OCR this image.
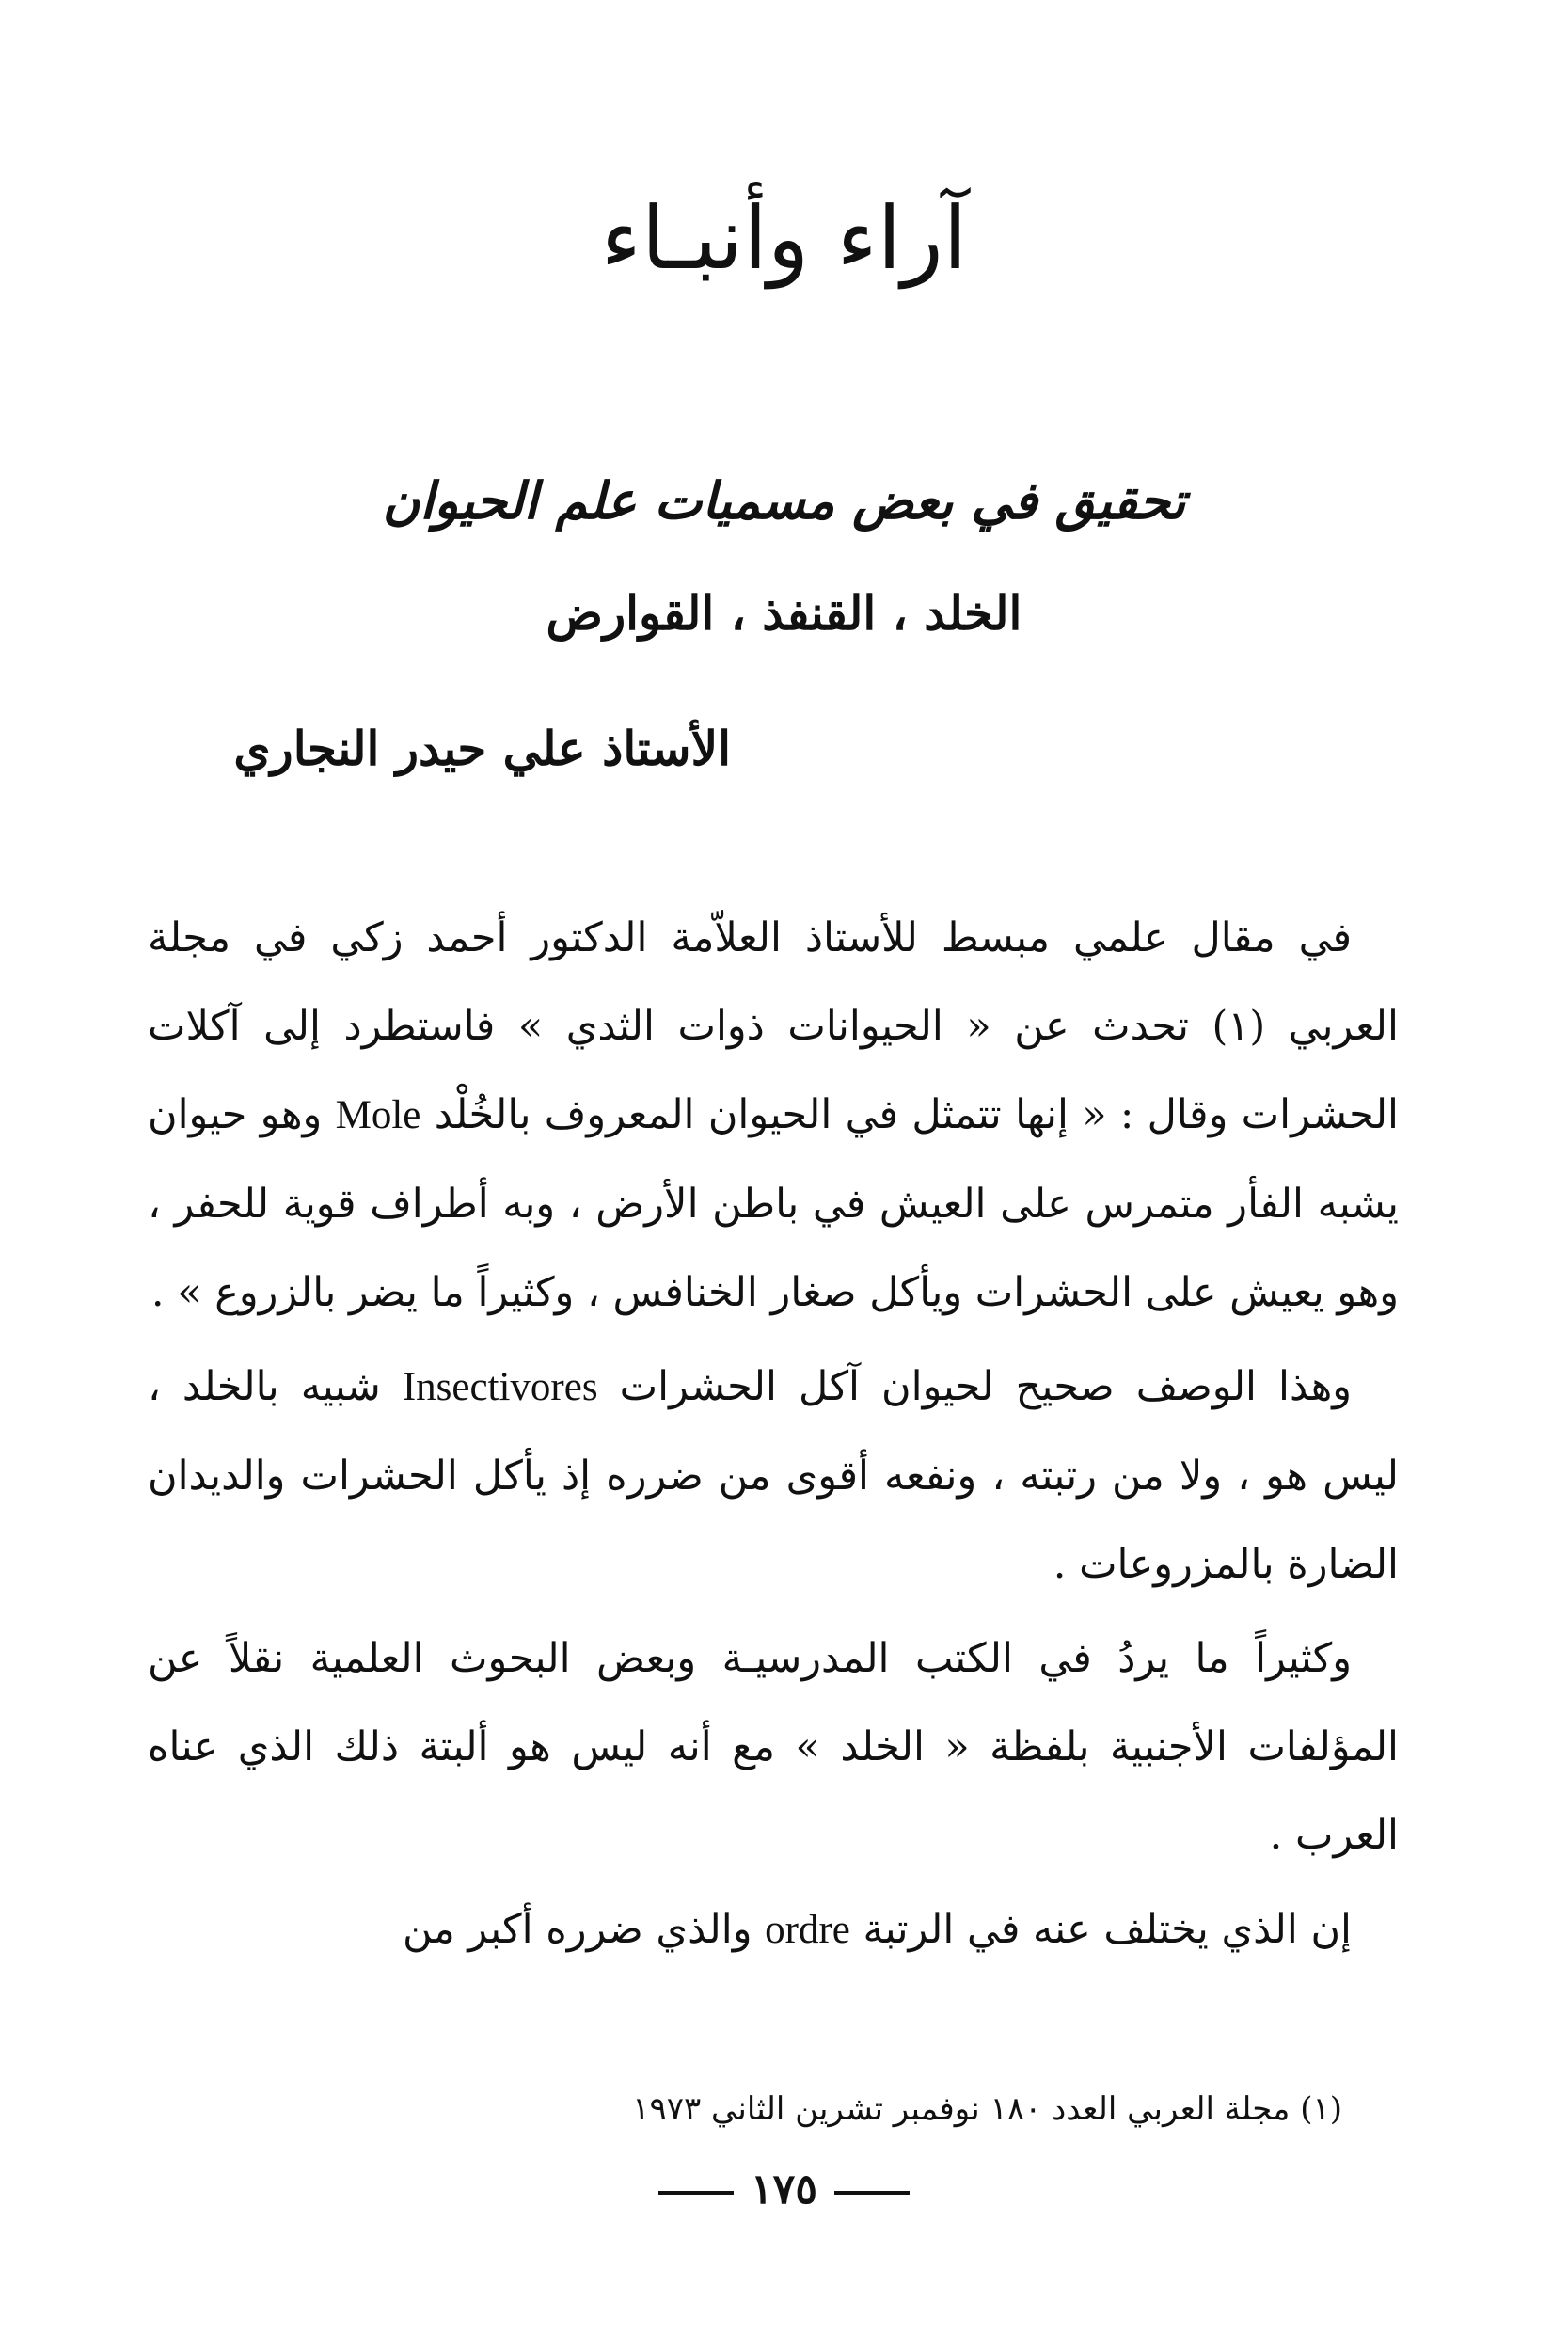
آراء وأنبـاء
تحقيق في بعض مسميات علم الحيوان
الخلد ، القنفذ ، القوارض
الأستاذ علي حيدر النجاري

في مقال علمي مبسط للأستاذ العلاّمة الدكتور أحمد زكي في مجلة العربي (١) تحدث عن « الحيوانات ذوات الثدي » فاستطرد إلى آكلات الحشرات وقال : « إنها تتمثل في الحيوان المعروف بالخُلْد Mole وهو حيوان يشبه الفأر متمرس على العيش في باطن الأرض ، وبه أطراف قوية للحفر ، وهو يعيش على الحشرات ويأكل صغار الخنافس ، وكثيراً ما يضر بالزروع » .

وهذا الوصف صحيح لحيوان آكل الحشرات Insectivores شبيه بالخلد ، ليس هو ، ولا من رتبته ، ونفعه أقوى من ضرره إذ يأكل الحشرات والديدان الضارة بالمزروعات .

وكثيراً ما يردُ في الكتب المدرسيـة وبعض البحوث العلمية نقلاً عن المؤلفات الأجنبية بلفظة « الخلد » مع أنه ليس هو ألبتة ذلك الذي عناه العرب .

إن الذي يختلف عنه في الرتبة ordre والذي ضرره أكبر من

(١) مجلة العربي العدد ١٨٠ نوفمبر تشرين الثاني ١٩٧٣
١٧٥
